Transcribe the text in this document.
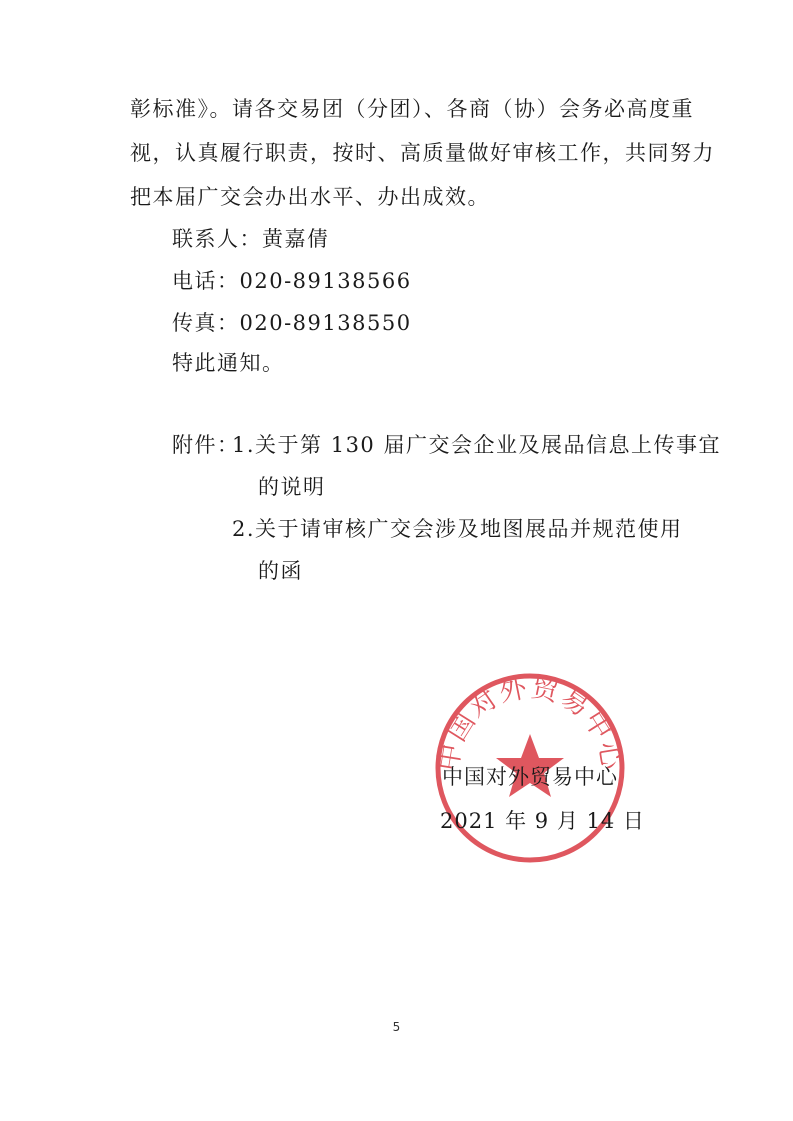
彰标准》。请各交易团（分团）、各商（协）会务必高度重
视，认真履行职责，按时、高质量做好审核工作，共同努力
把本届广交会办出水平、办出成效。
联系人：黄嘉倩
电话：020-89138566
传真：020-89138550
特此通知。
附件：
1.关于第 130 届广交会企业及展品信息上传事宜
的说明
2.关于请审核广交会涉及地图展品并规范使用
的函
中国对外贸易中心
中国对外贸易中心
2021 年 9 月 14 日
5
